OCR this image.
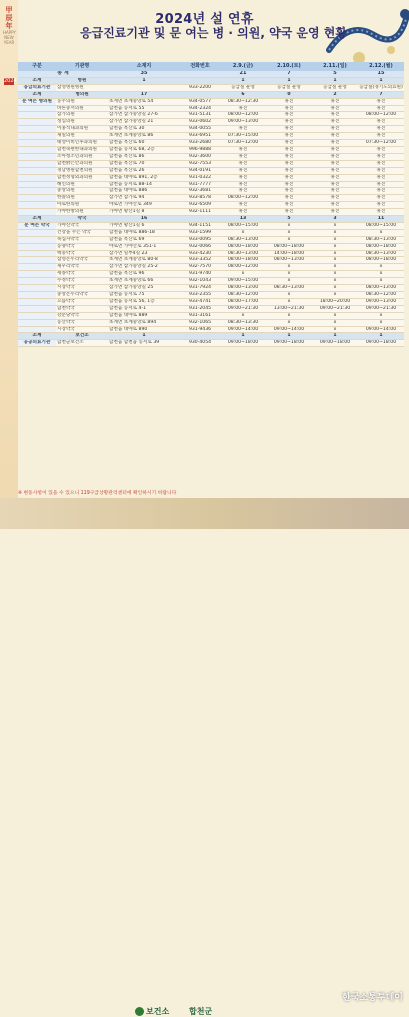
甲辰年
HAPPY NEW YEAR
2024
2024년 설 연휴
응급진료기관 및 문 여는 병 · 의원, 약국 운영 현황
구분	기관명	소재지	전화번호	2.9.(금)	2.10.(토)	2.11.(일)	2.12.(월)
총 계		35		21	7	5	15
소계	병원	1		1	1	1	1
응급의료기관	삼성병원병원		933-2200	응급실 운영	응급실 운영	응급실 운영	응급실(경기도의료원)
소계	병의원	17		6	0	2	7
문 여는 병의원	동주의원	초계면 초계중앙로 54	934-0577	08:30~12:30	휴진	휴진	휴진
	바른중서의원	합천읍 동서로 55	934-2324	휴진	휴진	휴진	휴진
	삼가의원	삼가면 삼가중앙길 27-6	931-5131	08:00~12:00	휴진	휴진	08:00~12:00
	성심의원	삼가면 삼가중앙길 21	933-0602	09:00~13:00	휴진	휴진	휴진
	이홍석내과의원	합천읍 옥산로 30	934-0055	휴진	휴진	휴진	휴진
	제일의원	초계면 초계중앙로 86	933-6951	07:30~15:00	휴진	휴진	휴진
	태영이비인후과의원	합천읍 옥산로 60	933-2680	07:30~12:00	휴진	휴진	07:30~12:00
	합천속편한내과의원	합천읍 동서로 68, 2층	996-9888	휴진	휴진	휴진	휴진
	소아청소년과의원	합천읍 옥산로 86	932-3600	휴진	휴진	휴진	휴진
	합천밝은안과의원	합천읍 옥산로 70	932-7553	휴진	휴진	휴진	휴진
	경남병원합천의원	합천읍 옥산로 26	934-0191	휴진	휴진	휴진	휴진
	합천정형외과의원	합천읍 대야로 891, 2층	931-0322	휴진	휴진	휴진	휴진
	해인의원	합천읍 동서로 88-14	931-7777	휴진	휴진	휴진	휴진
	중앙의원	합천읍 대야로 886	932-3681	휴진	휴진	휴진	휴진
	한솔의원	삼가면 삼가로 94	933-8578	08:00~12:00	휴진	휴진	휴진
	아로한의원	야로면 가야산로 349	932-6509	휴진	휴진	휴진	휴진
	가야한방의원	가야면 황산1길 8	932-1111	휴진	휴진	휴진	휴진
소계	약국	16		13	5	3	11
문 여는 약국	가야신약국	가야면 황산1길 6	934-1151	08:00~15:00	x	x	08:00~15:00
	건강을 주는 약국	합천읍 대야로 886-18	933-1599	x	x	x	x
	녹십자약국	합천읍 옥산로 69	933-0095	08:30~13:00	x	x	08:30~13:00
	동양약국	야로면 가야산로 351-1	932-0066	08:00~18:00	08:00~18:00	x	08:00~18:00
	백중약국	삼가면 일부4길 23	933-4230	08:30~13:00	14:00~18:00	x	08:30~13:00
	삼영온누리약국	초계면 초계중앙로 80-8	933-3352	08:00~18:00	08:00~13:00	x	08:00~18:00
	새우리약국	삼가면 삼가중앙길 25-2	932-7570	08:00~12:00	x	x	x
	세종약국	합천읍 옥산로 96	931-9740	x	x	x	x
	수정약국	초계면 초계중앙로 66	932-1043	09:00~15:00	x	x	x
	시장약국	삼가면 삼가중앙길 25	931-7924	08:00~13:00	08:30~13:00	x	08:00~13:00
	중앙온누리약국	합천읍 동서로 75	933-2355	08:30~12:00	x	x	08:30~12:00
	으뜸약국	합천읍 동서로 56, 1층	933-4741	08:00~17:00	x	18:00~20:00	09:00~13:00
	합천약국	합천읍 동서로 4-1	931-2045	09:00~21:30	13:00~21:30	09:00~21:30	09:00~21:30
	강문당약국	합천읍 대야로 889	931-3161	x	x	x	x
	동산약국	초계면 초계중앙로 894	932-1065	08:30~13:30	x	x	x
	시장약국	합천읍 대야로 890	931-9436	09:00~14:00	09:00~14:00	x	09:00~14:00
소계	보건소	1		1	1	1	1
공공의료기관	합천군보건소	합천읍 합천읍 동서로 39	930-4054	09:00~18:00	09:00~18:00	09:00~18:00	09:00~18:00
※ 변동사항이 있을 수 있으니 119구급상황관리센터에 확인하시기 바랍니다
보건소 합천군
한국소통투데이
